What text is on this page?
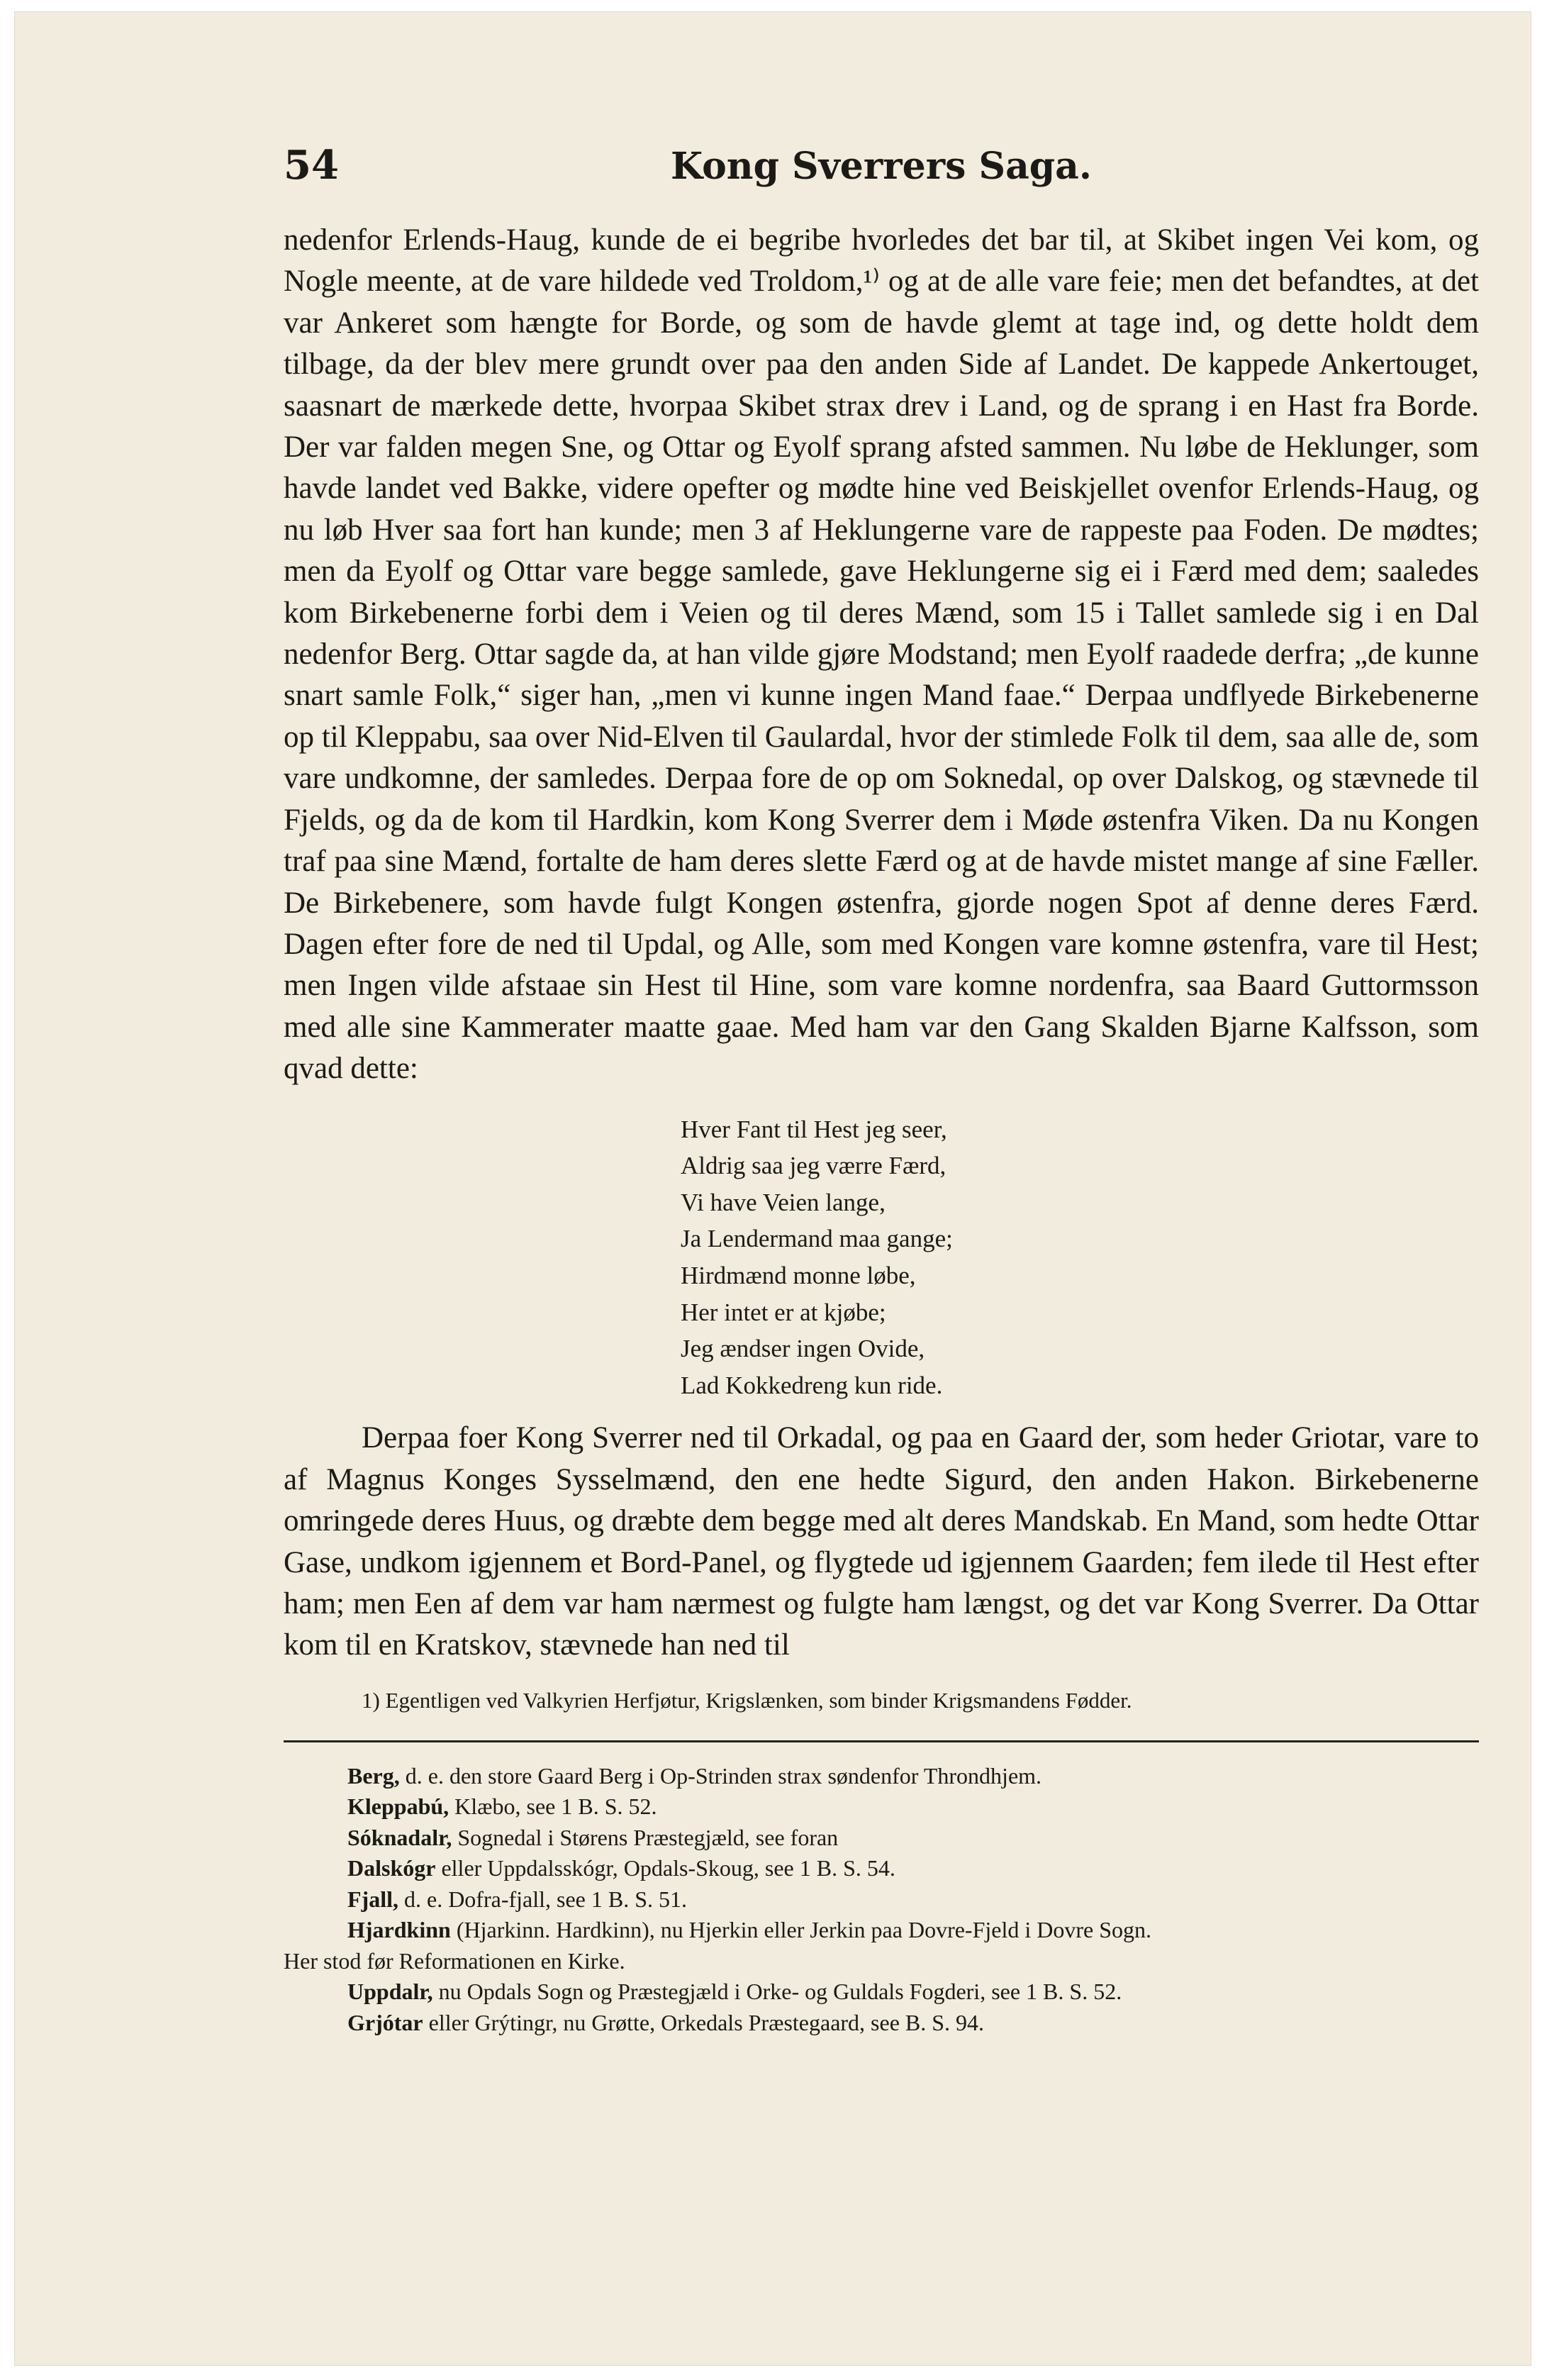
54	Kong Sverrers Saga.

nedenfor Erlends-Haug, kunde de ei begribe hvorledes det bar til, at Skibet ingen Vei kom, og Nogle meente, at de vare hildede ved Troldom,¹⁾ og at de alle vare feie; men det befandtes, at det var Ankeret som hængte for Borde, og som de havde glemt at tage ind, og dette holdt dem tilbage, da der blev mere grundt over paa den anden Side af Landet. De kappede Ankertouget, saasnart de mærkede dette, hvorpaa Skibet strax drev i Land, og de sprang i en Hast fra Borde. Der var falden megen Sne, og Ottar og Eyolf sprang afsted sammen. Nu løbe de Heklunger, som havde landet ved Bakke, videre opefter og mødte hine ved Beiskjellet ovenfor Erlends-Haug, og nu løb Hver saa fort han kunde; men 3 af Heklungerne vare de rappeste paa Foden. De mødtes; men da Eyolf og Ottar vare begge samlede, gave Heklungerne sig ei i Færd med dem; saaledes kom Birkebenerne forbi dem i Veien og til deres Mænd, som 15 i Tallet samlede sig i en Dal nedenfor Berg. Ottar sagde da, at han vilde gjøre Modstand; men Eyolf raadede derfra; „de kunne snart samle Folk,“ siger han, „men vi kunne ingen Mand faae.“ Derpaa undflyede Birkebenerne op til Kleppabu, saa over Nid-Elven til Gaulardal, hvor der stimlede Folk til dem, saa alle de, som vare undkomne, der samledes. Derpaa fore de op om Soknedal, op over Dalskog, og stævnede til Fjelds, og da de kom til Hardkin, kom Kong Sverrer dem i Møde østenfra Viken. Da nu Kongen traf paa sine Mænd, fortalte de ham deres slette Færd og at de havde mistet mange af sine Fæller. De Birkebenere, som havde fulgt Kongen østenfra, gjorde nogen Spot af denne deres Færd. Dagen efter fore de ned til Updal, og Alle, som med Kongen vare komne østenfra, vare til Hest; men Ingen vilde afstaae sin Hest til Hine, som vare komne nordenfra, saa Baard Guttormsson med alle sine Kammerater maatte gaae. Med ham var den Gang Skalden Bjarne Kalfsson, som qvad dette:

Hver Fant til Hest jeg seer,
Aldrig saa jeg værre Færd,
Vi have Veien lange,
Ja Lendermand maa gange;
Hirdmænd monne løbe,
Her intet er at kjøbe;
Jeg ændser ingen Ovide,
Lad Kokkedreng kun ride.

Derpaa foer Kong Sverrer ned til Orkadal, og paa en Gaard der, som heder Griotar, vare to af Magnus Konges Sysselmænd, den ene hedte Sigurd, den anden Hakon. Birkebenerne omringede deres Huus, og dræbte dem begge med alt deres Mandskab. En Mand, som hedte Ottar Gase, undkom igjennem et Bord-Panel, og flygtede ud igjennem Gaarden; fem ilede til Hest efter ham; men Een af dem var ham nærmest og fulgte ham længst, og det var Kong Sverrer. Da Ottar kom til en Kratskov, stævnede han ned til

1) Egentligen ved Valkyrien Herfjøtur, Krigslænken, som binder Krigsmandens Fødder.
Berg, d. e. den store Gaard Berg i Op-Strinden strax søndenfor Throndhjem.
Kleppabú, Klæbo, see 1 B. S. 52.
Sóknadalr, Sognedal i Størens Præstegjæld, see foran
Dalskógr eller Uppdalsskógr, Opdals-Skoug, see 1 B. S. 54.
Fjall, d. e. Dofra-fjall, see 1 B. S. 51.
Hjardkinn (Hjarkinn. Hardkinn), nu Hjerkin eller Jerkin paa Dovre-Fjeld i Dovre Sogn.
Her stod før Reformationen en Kirke.
Uppdalr, nu Opdals Sogn og Præstegjæld i Orke- og Guldals Fogderi, see 1 B. S. 52.
Grjótar eller Grýtingr, nu Grøtte, Orkedals Præstegaard, see B. S. 94.
